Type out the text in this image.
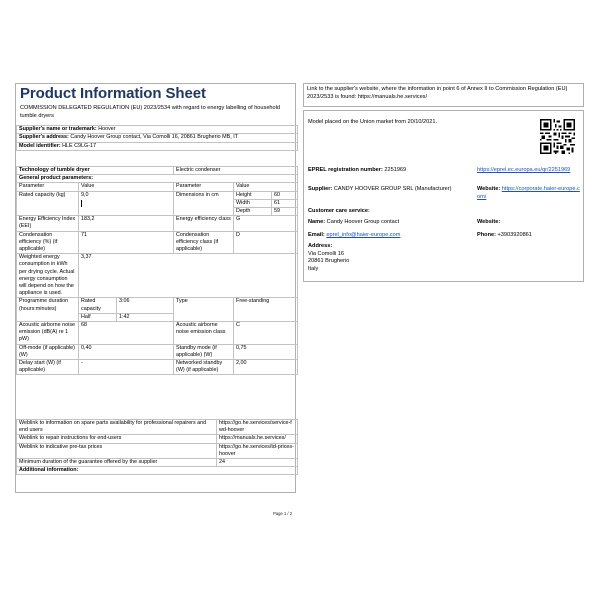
Product Information Sheet
COMMISSION DELEGATED REGULATION (EU) 2023/2534 with regard to energy labelling of household tumble dryers
Supplier's name or trademark: Hoover
Supplier's address: Candy Hoover Group contact, Via Comolli 16, 20861 Brugherio MB, IT
Model identifier: HLE C9LG-17
Technology of tumble dryer			Electric condenser		
General product parameters:					
Parameter	Value		Parameter	Value	
Rated capacity (kg)	9,0		Dimensions in cm	Height	60
				Width	61
				Depth	59
Energy Efficiency Index (EEI)	183,2		Energy efficiency class	G	
Condensation efficiency (%) (if applicable)	71		Condensation efficiency class (if applicable)	D	
Weighted energy consumption in kWh per drying cycle. Actual energy consumption will depend on how the appliance is used.	3,37				
Programme duration (hours:minutes)	Rated capacity	3:06	Type	Free-standing	
	Half	1:42			
Acoustic airborne noise emission (dB(A) re 1 pW)	68		Acoustic airborne noise emission class	C	
Off-mode (if applicable) (W)	0,40		Standby mode (if applicable) (W)	0,75	
Delay start (W) (if applicable)	-		Networked standby (W) (if applicable)	2,00	
Weblink to information on spare parts availability for professional repairers and end users	https://go.he.services/service-fwd-hoover
Weblink to repair instructions for end-users	https://manuals.he.services/
Weblink to indicative pre-tax prices	https://go.he.services/td-prices-hoover
Minimum duration of the guarantee offered by the supplier	24
Additional information:	
Link to the supplier's website, where the information in point 6 of Annex II to Commission Regulation (EU) 2023/2533 is found: https://manuals.he.services/
Model placed on the Union market from 20/10/2021.
EPREL registration number: 2251969	https://eprel.ec.europa.eu/qr/2251969
Supplier: CANDY HOOVER GROUP SRL (Manufacturer)	Website: https://corporate.haier-europe.com/
Customer care service:
Name: Candy Hoover Group contact	Website:
Email: eprel_info@haier-europe.com	Phone: +3903920861
Address:
Via Comolli 16
20861 Brugherio
Italy
Page 1 / 2
